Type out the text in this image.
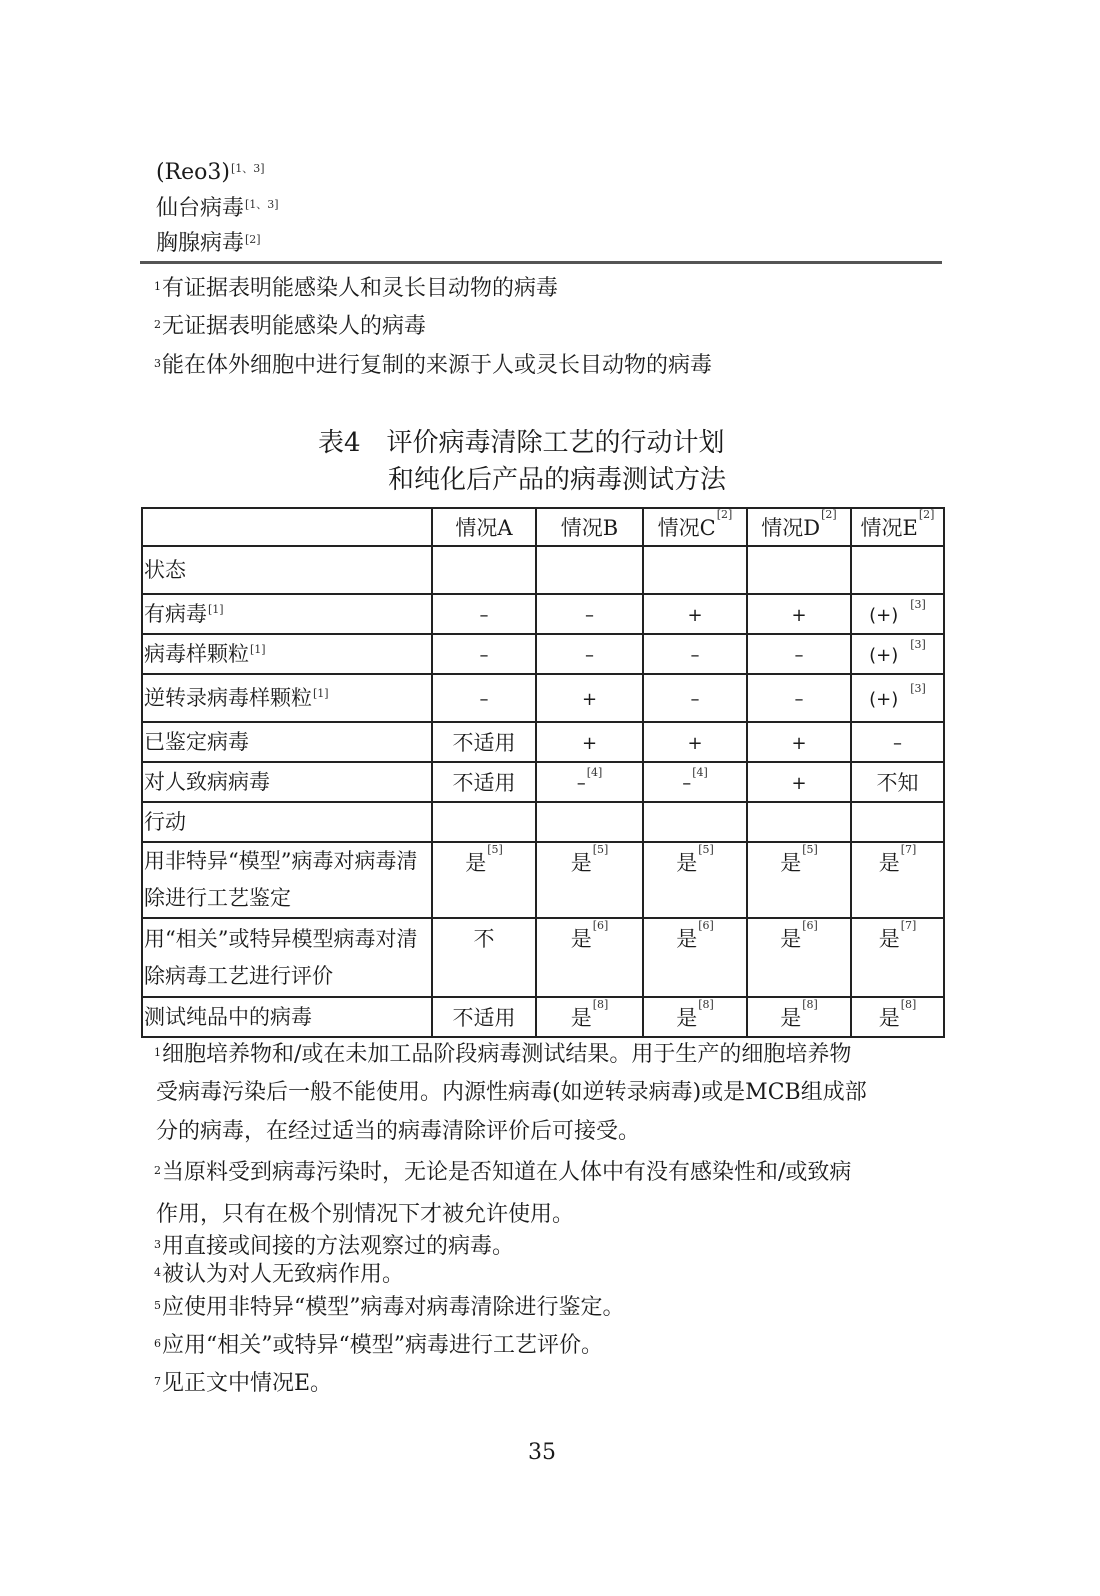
(Reo3)[1、3]
仙台病毒[1、3]
胸腺病毒[2]
$^1$有证据表明能感染人和灵长目动物的病毒
$^2$无证据表明能感染人的病毒
$^3$能在体外细胞中进行复制的来源于人或灵长目动物的病毒
表4　评价病毒清除工艺的行动计划
和纯化后产品的病毒测试方法
	情况A	情况B	情况C[2]	情况D[2]	情况E[2]
状态					
有病毒[1]	–	–	+	+	(+)[3]
病毒样颗粒[1]	–	–	–	–	(+)[3]
逆转录病毒样颗粒[1]	–	+	–	–	(+)[3]
已鉴定病毒	不适用	+	+	+	–
对人致病病毒	不适用	–[4]	–[4]	+	不知
行动					

用非特异“模型”病毒对病毒清除进行工艺鉴定	是[5]	是[5]	是[5]	是[5]	是[7]

用“相关”或特异模型病毒对清除病毒工艺进行评价	不	是[6]	是[6]	是[6]	是[7]
测试纯品中的病毒	不适用	是[8]	是[8]	是[8]	是[8]
$^1$细胞培养物和/或在未加工品阶段病毒测试结果。用于生产的细胞培养物
受病毒污染后一般不能使用。内源性病毒(如逆转录病毒)或是MCB组成部
分的病毒，在经过适当的病毒清除评价后可接受。
$^2$当原料受到病毒污染时，无论是否知道在人体中有没有感染性和/或致病
作用，只有在极个别情况下才被允许使用。
$^3$用直接或间接的方法观察过的病毒。
$^4$被认为对人无致病作用。
$^5$应使用非特异“模型”病毒对病毒清除进行鉴定。
$^6$应用“相关”或特异“模型”病毒进行工艺评价。
$^7$见正文中情况E。
35
